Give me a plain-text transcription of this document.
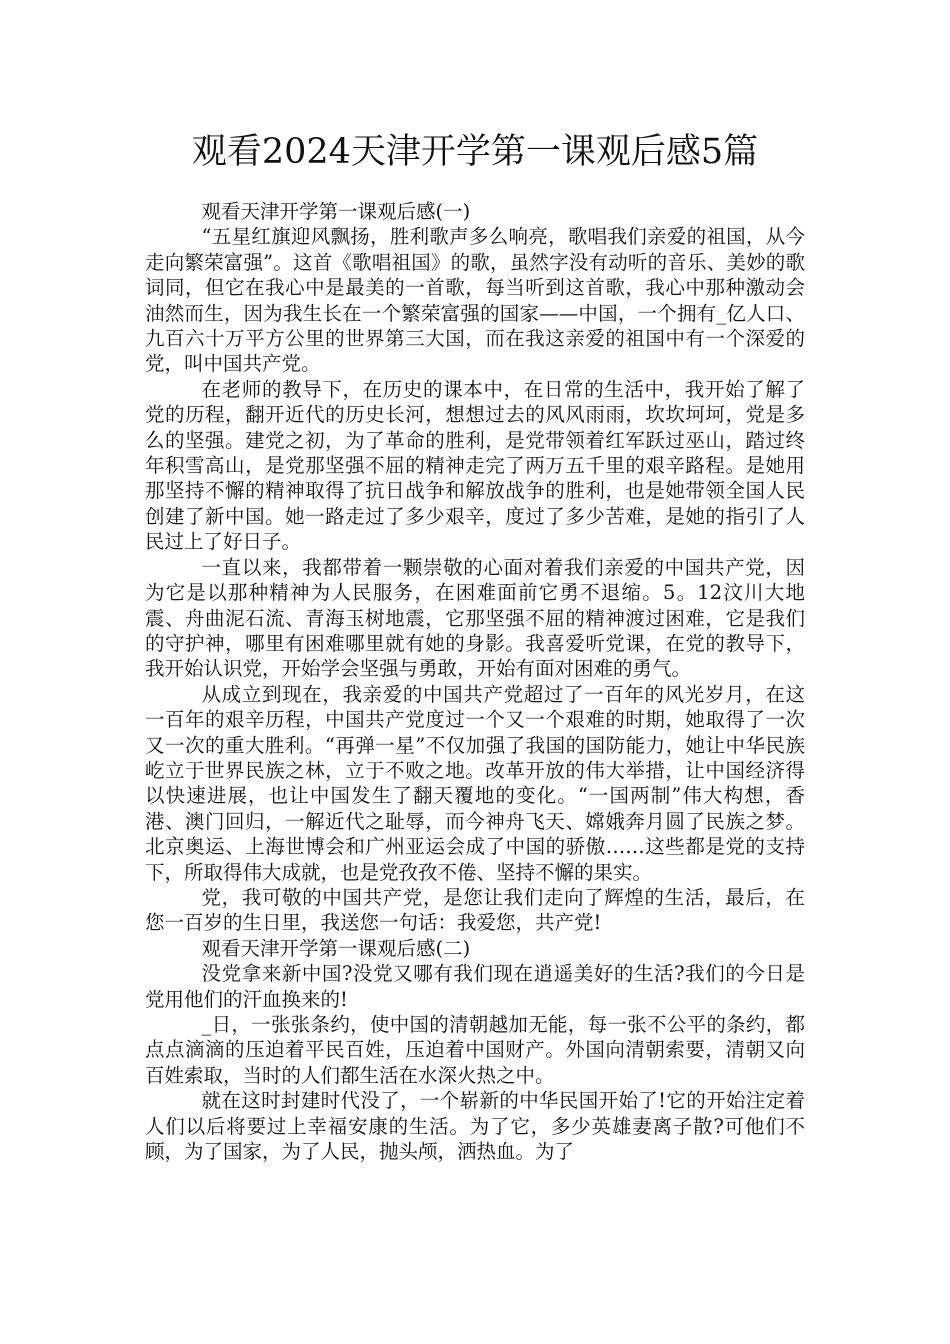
观看2024天津开学第一课观后感5篇

观看天津开学第一课观后感(一)

“五星红旗迎风飘扬，胜利歌声多么响亮，歌唱我们亲爱的祖国，从今走向繁荣富强”。这首《歌唱祖国》的歌，虽然字没有动听的音乐、美妙的歌词同，但它在我心中是最美的一首歌，每当听到这首歌，我心中那种激动会油然而生，因为我生长在一个繁荣富强的国家——中国，一个拥有_亿人口、九百六十万平方公里的世界第三大国，而在我这亲爱的祖国中有一个深爱的党，叫中国共产党。

在老师的教导下，在历史的课本中，在日常的生活中，我开始了解了党的历程，翻开近代的历史长河，想想过去的风风雨雨，坎坎坷坷，党是多么的坚强。建党之初，为了革命的胜利，是党带领着红军跃过巫山，踏过终年积雪高山，是党那坚强不屈的精神走完了两万五千里的艰辛路程。是她用那坚持不懈的精神取得了抗日战争和解放战争的胜利，也是她带领全国人民创建了新中国。她一路走过了多少艰辛，度过了多少苦难，是她的指引了人民过上了好日子。

一直以来，我都带着一颗崇敬的心面对着我们亲爱的中国共产党，因为它是以那种精神为人民服务，在困难面前它勇不退缩。5。12汶川大地震、舟曲泥石流、青海玉树地震，它那坚强不屈的精神渡过困难，它是我们的守护神，哪里有困难哪里就有她的身影。我喜爱听党课，在党的教导下，我开始认识党，开始学会坚强与勇敢，开始有面对困难的勇气。

从成立到现在，我亲爱的中国共产党超过了一百年的风光岁月，在这一百年的艰辛历程，中国共产党度过一个又一个艰难的时期，她取得了一次又一次的重大胜利。“再弹一星”不仅加强了我国的国防能力，她让中华民族屹立于世界民族之林，立于不败之地。改革开放的伟大举措，让中国经济得以快速进展，也让中国发生了翻天覆地的变化。“一国两制”伟大构想，香港、澳门回归，一解近代之耻辱，而今神舟飞天、嫦娥奔月圆了民族之梦。北京奥运、上海世博会和广州亚运会成了中国的骄傲……这些都是党的支持下，所取得伟大成就，也是党孜孜不倦、坚持不懈的果实。

党，我可敬的中国共产党，是您让我们走向了辉煌的生活，最后，在您一百岁的生日里，我送您一句话：我爱您，共产党!

观看天津开学第一课观后感(二)

没党拿来新中国?没党又哪有我们现在逍遥美好的生活?我们的今日是党用他们的汗血换来的!

_日，一张张条约，使中国的清朝越加无能，每一张不公平的条约，都点点滴滴的压迫着平民百姓，压迫着中国财产。外国向清朝索要，清朝又向百姓索取，当时的人们都生活在水深火热之中。

就在这时封建时代没了，一个崭新的中华民国开始了!它的开始注定着人们以后将要过上幸福安康的生活。为了它，多少英雄妻离子散?可他们不顾，为了国家，为了人民，抛头颅，洒热血。为了
